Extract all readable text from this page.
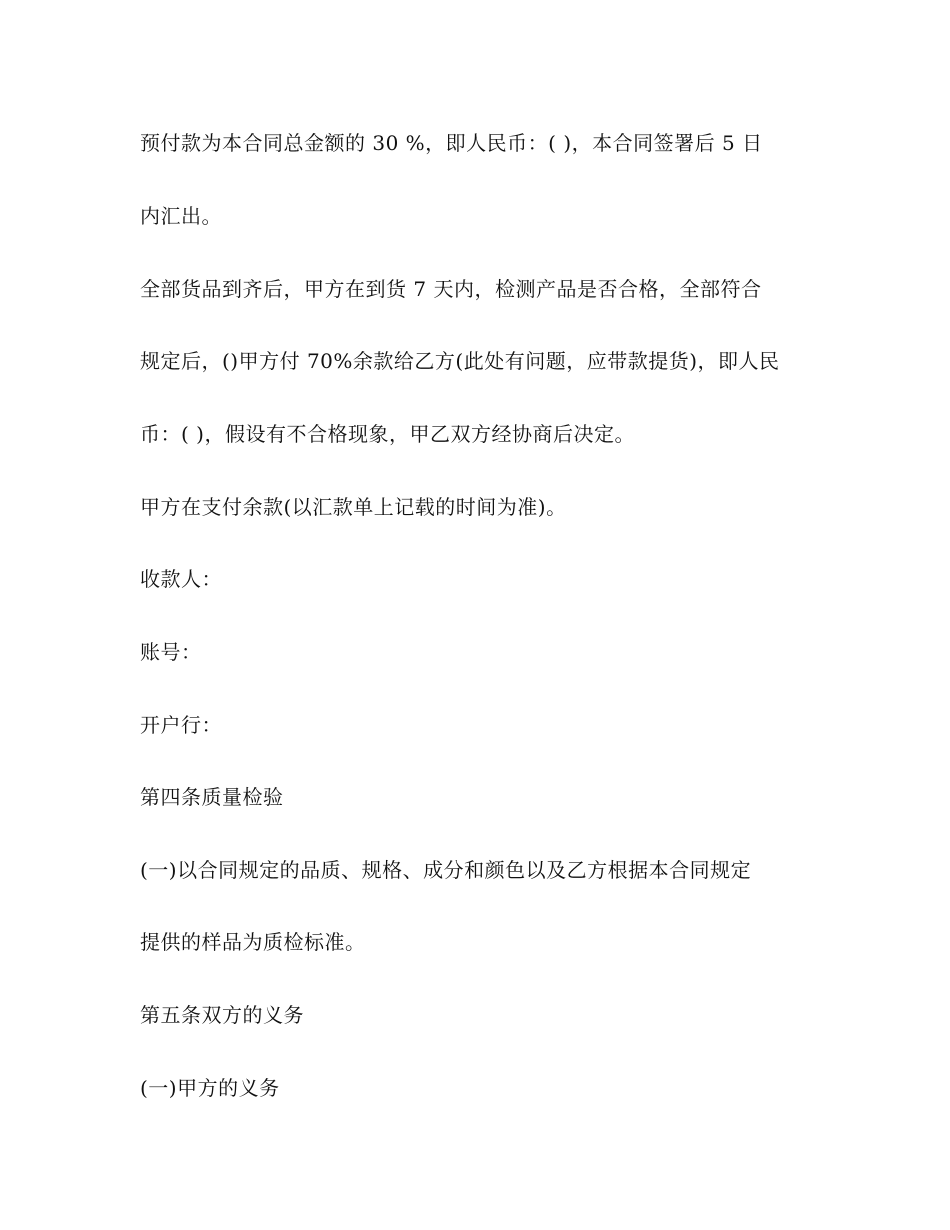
预付款为本合同总金额的 30 %，即人民币：( )，本合同签署后 5 日
内汇出。
全部货品到齐后，甲方在到货 7 天内，检测产品是否合格，全部符合
规定后，()甲方付 70%余款给乙方(此处有问题，应带款提货)，即人民
币：( )，假设有不合格现象，甲乙双方经协商后决定。
甲方在支付余款(以汇款单上记载的时间为准)。
收款人：
账号：
开户行：
第四条质量检验
(一)以合同规定的品质、规格、成分和颜色以及乙方根据本合同规定
提供的样品为质检标准。
第五条双方的义务
(一)甲方的义务
